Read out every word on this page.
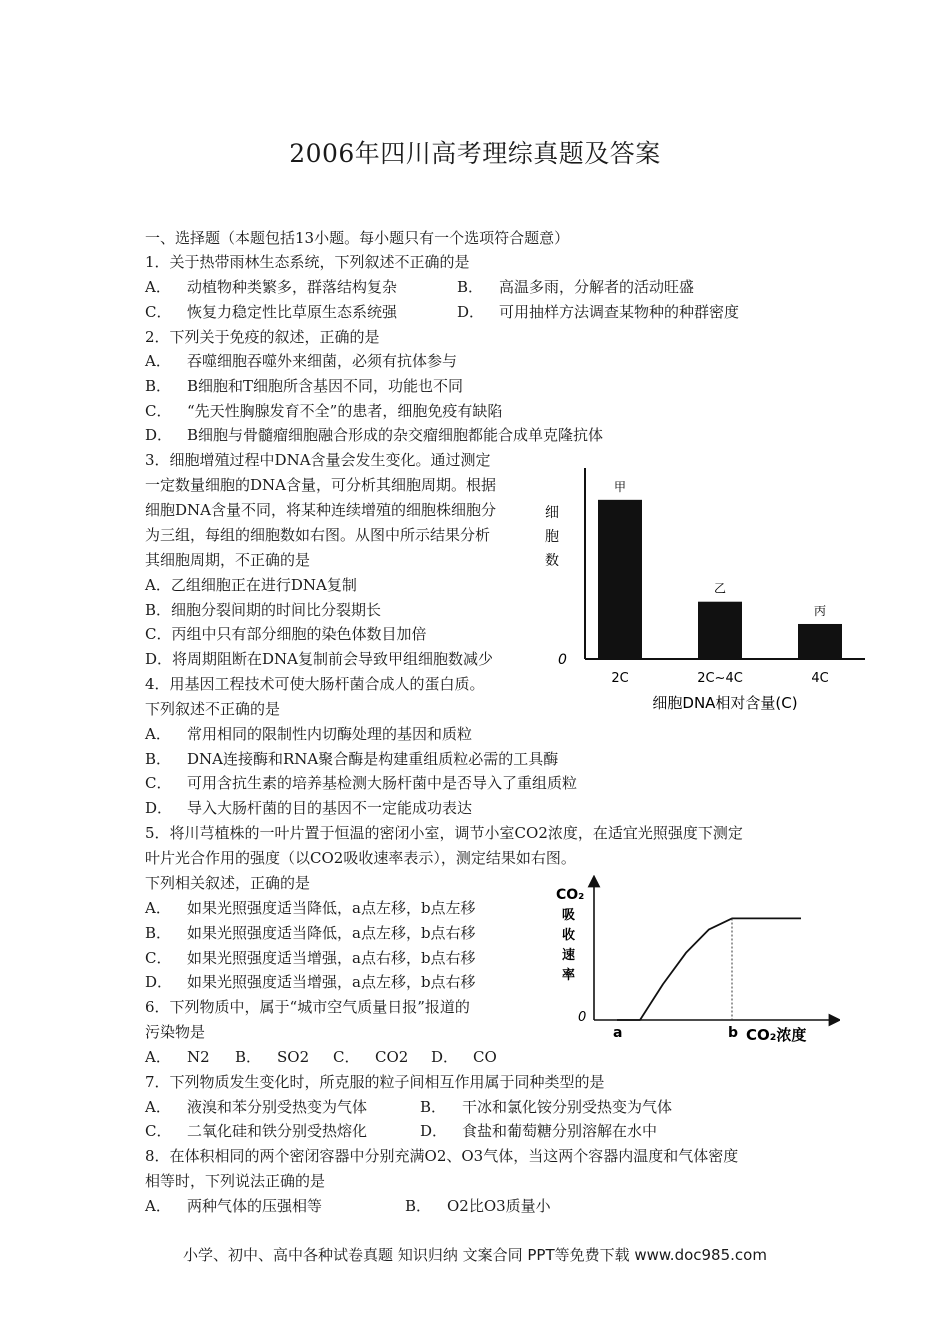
2006年四川高考理综真题及答案
一、选择题（本题包括13小题。每小题只有一个选项符合题意）
1．关于热带雨林生态系统，下列叙述不正确的是
A． 动植物种类繁多，群落结构复杂	B． 高温多雨，分解者的活动旺盛
C． 恢复力稳定性比草原生态系统强	D． 可用抽样方法调查某物种的种群密度
2．下列关于免疫的叙述，正确的是
A． 吞噬细胞吞噬外来细菌，必须有抗体参与
B． B细胞和T细胞所含基因不同，功能也不同
C． “先天性胸腺发育不全”的患者，细胞免疫有缺陷
D． B细胞与骨髓瘤细胞融合形成的杂交瘤细胞都能合成单克隆抗体
3．细胞增殖过程中DNA含量会发生变化。通过测定
一定数量细胞的DNA含量，可分析其细胞周期。根据
细胞DNA含量不同，将某种连续增殖的细胞株细胞分
为三组，每组的细胞数如右图。从图中所示结果分析
其细胞周期，不正确的是
A．乙组细胞正在进行DNA复制
B．细胞分裂间期的时间比分裂期长
C．丙组中只有部分细胞的染色体数目加倍
D．将周期阻断在DNA复制前会导致甲组细胞数减少
4．用基因工程技术可使大肠杆菌合成人的蛋白质。
下列叙述不正确的是
A． 常用相同的限制性内切酶处理的基因和质粒
B． DNA连接酶和RNA聚合酶是构建重组质粒必需的工具酶
C． 可用含抗生素的培养基检测大肠杆菌中是否导入了重组质粒
D． 导入大肠杆菌的目的基因不一定能成功表达
5．将川芎植株的一叶片置于恒温的密闭小室，调节小室CO2浓度，在适宜光照强度下测定
叶片光合作用的强度（以CO2吸收速率表示），测定结果如右图。
下列相关叙述，正确的是
A． 如果光照强度适当降低，a点左移，b点左移
B． 如果光照强度适当降低，a点左移，b点右移
C． 如果光照强度适当增强，a点右移，b点右移
D． 如果光照强度适当增强，a点左移，b点右移
6．下列物质中，属于“城市空气质量日报”报道的
污染物是
A． N2 B． SO2 C． CO2 D． CO
7．下列物质发生变化时，所克服的粒子间相互作用属于同种类型的是
A． 液溴和苯分别受热变为气体	B． 干冰和氯化铵分别受热变为气体
C． 二氧化硅和铁分别受热熔化	D． 食盐和葡萄糖分别溶解在水中
8．在体积相同的两个密闭容器中分别充满O2、O3气体，当这两个容器内温度和气体密度
相等时，下列说法正确的是
A． 两种气体的压强相等	B． O2比O3质量小
细
胞
数
0
细胞DNA相对含量(C)
甲
2C
乙
2C~4C
丙
4C
CO₂
吸
收
速
率
0
CO₂浓度
a	b
小学、初中、高中各种试卷真题 知识归纳 文案合同 PPT等免费下载 www.doc985.com
